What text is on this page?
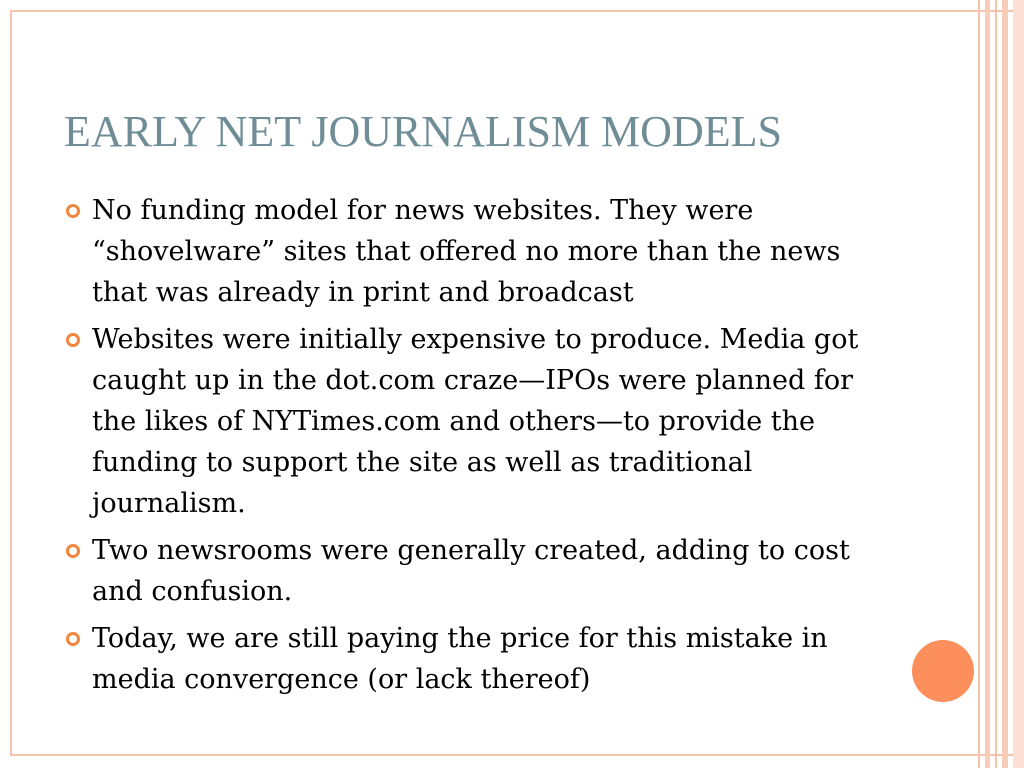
EARLY NET JOURNALISM MODELS
No funding model for news websites. They were “shovelware” sites that offered no more than the news that was already in print and broadcast
Websites were initially expensive to produce. Media got caught up in the dot.com craze—IPOs were planned for the likes of NYTimes.com and others—to provide the funding to support the site as well as traditional journalism.
Two newsrooms were generally created, adding to cost and confusion.
Today, we are still paying the price for this mistake in media convergence (or lack thereof)
